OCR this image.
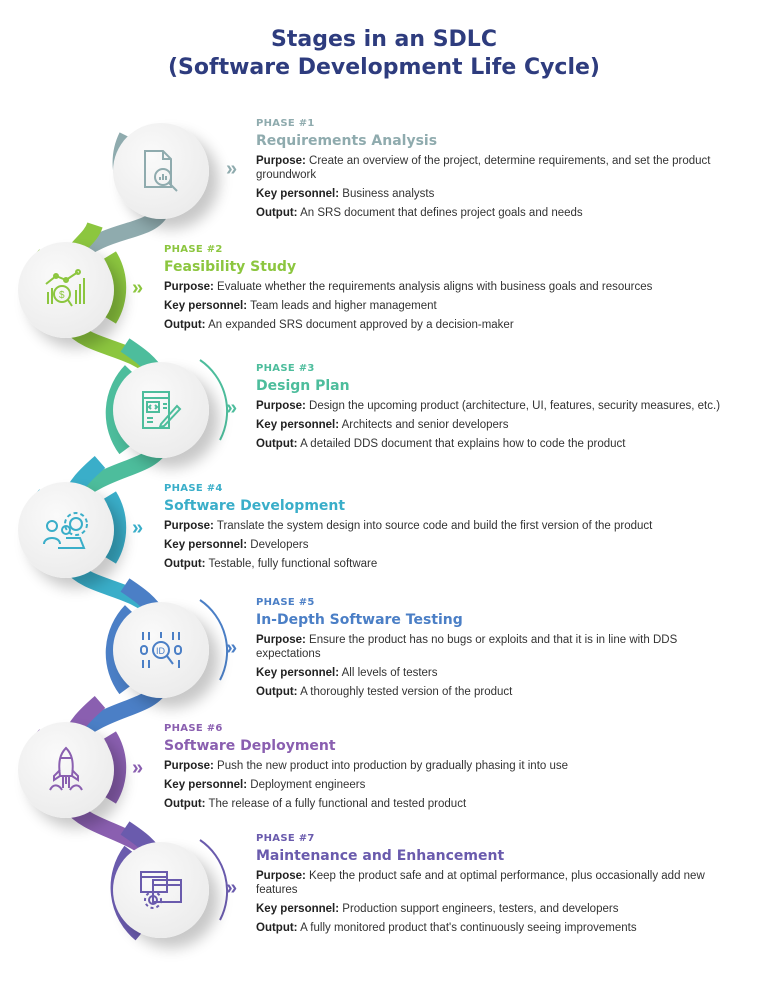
Stages in an SDLC
(Software Development Life Cycle)
»
PHASE #1
Requirements Analysis
Purpose: Create an overview of the project, determine requirements, and set the product groundwork
Key personnel: Business analysts
Output: An SRS document that defines project goals and needs
$	»
PHASE #2
Feasibility Study
Purpose: Evaluate whether the requirements analysis aligns with business goals and resources
Key personnel: Team leads and higher management
Output: An expanded SRS document approved by a decision-maker
»
PHASE #3
Design Plan
Purpose: Design the upcoming product (architecture, UI, features, security measures, etc.)
Key personnel: Architects and senior developers
Output: A detailed DDS document that explains how to code the product
»
PHASE #4
Software Development
Purpose: Translate the system design into source code and build the first version of the product
Key personnel: Developers
Output: Testable, fully functional software
ID	»
PHASE #5
In-Depth Software Testing
Purpose: Ensure the product has no bugs or exploits and that it is in line with DDS expectations
Key personnel: All levels of testers
Output: A thoroughly tested version of the product
»
PHASE #6
Software Deployment
Purpose: Push the new product into production by gradually phasing it into use
Key personnel: Deployment engineers
Output: The release of a fully functional and tested product
»
PHASE #7
Maintenance and Enhancement
Purpose: Keep the product safe and at optimal performance, plus occasionally add new features
Key personnel: Production support engineers, testers, and developers
Output: A fully monitored product that's continuously seeing improvements
